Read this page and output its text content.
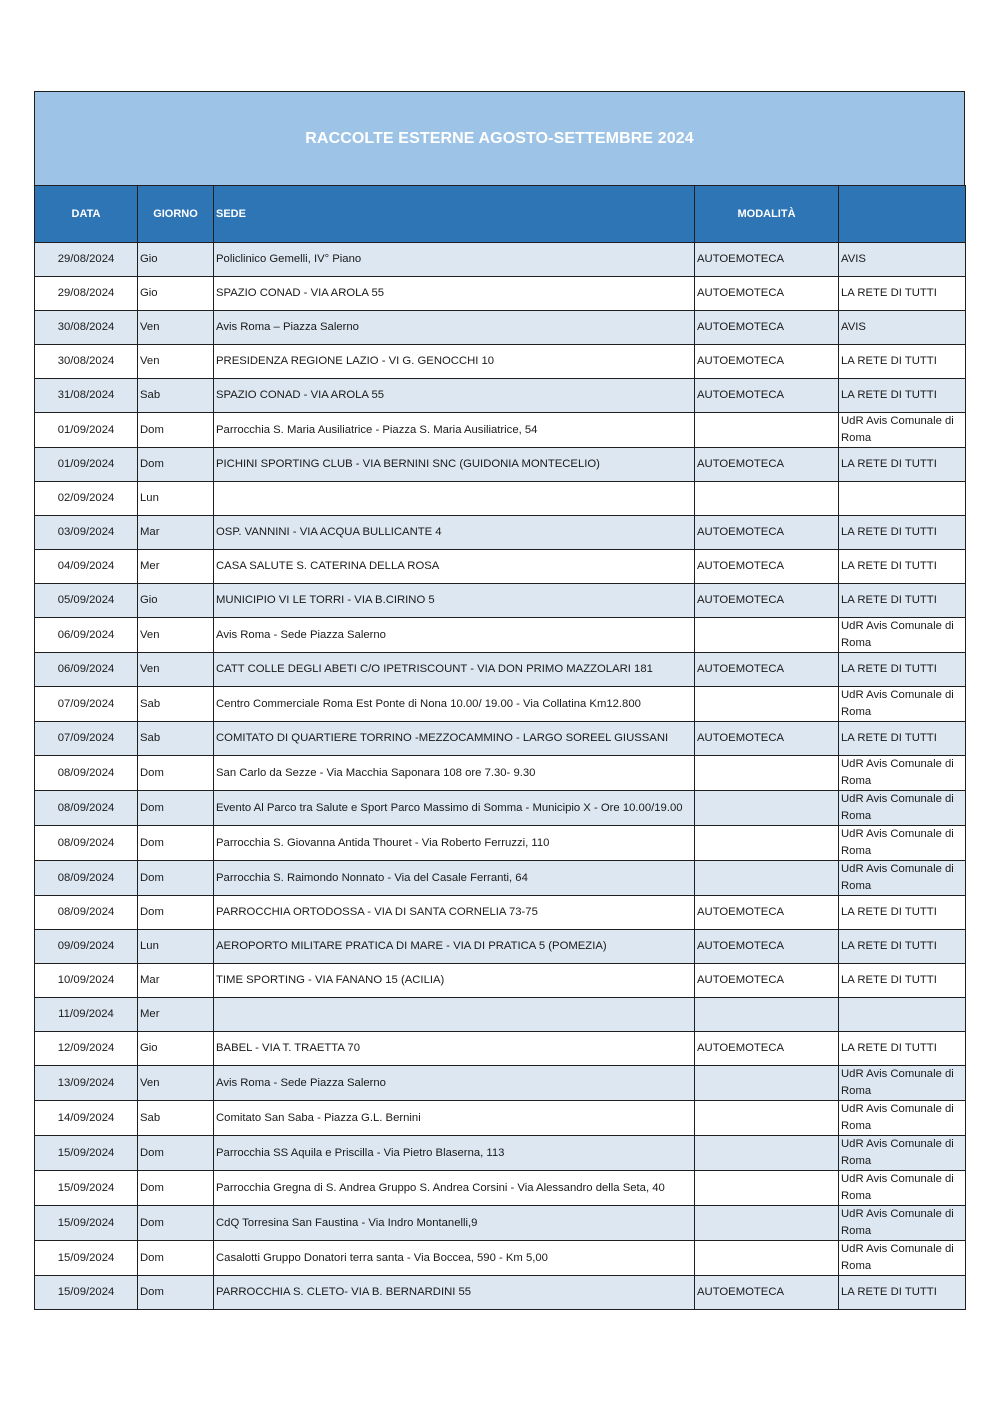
RACCOLTE ESTERNE AGOSTO-SETTEMBRE 2024
DATA	GIORNO	SEDE	MODALITÀ	
29/08/2024	Gio	Policlinico Gemelli, IV° Piano	AUTOEMOTECA	AVIS
29/08/2024	Gio	SPAZIO CONAD - VIA AROLA 55	AUTOEMOTECA	LA RETE DI TUTTI
30/08/2024	Ven	Avis Roma – Piazza Salerno	AUTOEMOTECA	AVIS
30/08/2024	Ven	PRESIDENZA REGIONE LAZIO - VI G. GENOCCHI 10	AUTOEMOTECA	LA RETE DI TUTTI
31/08/2024	Sab	SPAZIO CONAD - VIA AROLA 55	AUTOEMOTECA	LA RETE DI TUTTI
01/09/2024	Dom	Parrocchia S. Maria Ausiliatrice - Piazza S. Maria Ausiliatrice, 54		UdR Avis Comunale di Roma
01/09/2024	Dom	PICHINI SPORTING CLUB - VIA BERNINI SNC (GUIDONIA MONTECELIO)	AUTOEMOTECA	LA RETE DI TUTTI
02/09/2024	Lun			
03/09/2024	Mar	OSP. VANNINI - VIA ACQUA BULLICANTE 4	AUTOEMOTECA	LA RETE DI TUTTI
04/09/2024	Mer	CASA SALUTE S. CATERINA DELLA ROSA	AUTOEMOTECA	LA RETE DI TUTTI
05/09/2024	Gio	MUNICIPIO VI LE TORRI - VIA B.CIRINO 5	AUTOEMOTECA	LA RETE DI TUTTI
06/09/2024	Ven	Avis Roma - Sede Piazza Salerno		UdR Avis Comunale di Roma
06/09/2024	Ven	CATT COLLE DEGLI ABETI C/O IPETRISCOUNT - VIA DON PRIMO MAZZOLARI 181	AUTOEMOTECA	LA RETE DI TUTTI
07/09/2024	Sab	Centro Commerciale Roma Est Ponte di Nona 10.00/ 19.00 - Via Collatina Km12.800		UdR Avis Comunale di Roma
07/09/2024	Sab	COMITATO DI QUARTIERE TORRINO -MEZZOCAMMINO - LARGO SOREEL GIUSSANI	AUTOEMOTECA	LA RETE DI TUTTI
08/09/2024	Dom	San Carlo da Sezze - Via Macchia Saponara 108 ore 7.30- 9.30		UdR Avis Comunale di Roma
08/09/2024	Dom	Evento Al Parco tra Salute e Sport Parco Massimo di Somma - Municipio X - Ore 10.00/19.00		UdR Avis Comunale di Roma
08/09/2024	Dom	Parrocchia S. Giovanna Antida Thouret - Via Roberto Ferruzzi, 110		UdR Avis Comunale di Roma
08/09/2024	Dom	Parrocchia S. Raimondo Nonnato - Via del Casale Ferranti, 64		UdR Avis Comunale di Roma
08/09/2024	Dom	PARROCCHIA ORTODOSSA - VIA DI SANTA CORNELIA 73-75	AUTOEMOTECA	LA RETE DI TUTTI
09/09/2024	Lun	AEROPORTO MILITARE PRATICA DI MARE - VIA DI PRATICA 5 (POMEZIA)	AUTOEMOTECA	LA RETE DI TUTTI
10/09/2024	Mar	TIME SPORTING - VIA FANANO 15 (ACILIA)	AUTOEMOTECA	LA RETE DI TUTTI
11/09/2024	Mer			
12/09/2024	Gio	BABEL - VIA T. TRAETTA 70	AUTOEMOTECA	LA RETE DI TUTTI
13/09/2024	Ven	Avis Roma - Sede Piazza Salerno		UdR Avis Comunale di Roma
14/09/2024	Sab	Comitato San Saba - Piazza G.L. Bernini		UdR Avis Comunale di Roma
15/09/2024	Dom	Parrocchia SS Aquila e Priscilla - Via Pietro Blaserna, 113		UdR Avis Comunale di Roma
15/09/2024	Dom	Parrocchia Gregna di S. Andrea Gruppo S. Andrea Corsini - Via Alessandro della Seta, 40		UdR Avis Comunale di Roma
15/09/2024	Dom	CdQ Torresina San Faustina - Via Indro Montanelli,9		UdR Avis Comunale di Roma
15/09/2024	Dom	Casalotti Gruppo Donatori terra santa - Via Boccea, 590 - Km 5,00		UdR Avis Comunale di Roma
15/09/2024	Dom	PARROCCHIA S. CLETO- VIA B. BERNARDINI 55	AUTOEMOTECA	LA RETE DI TUTTI
